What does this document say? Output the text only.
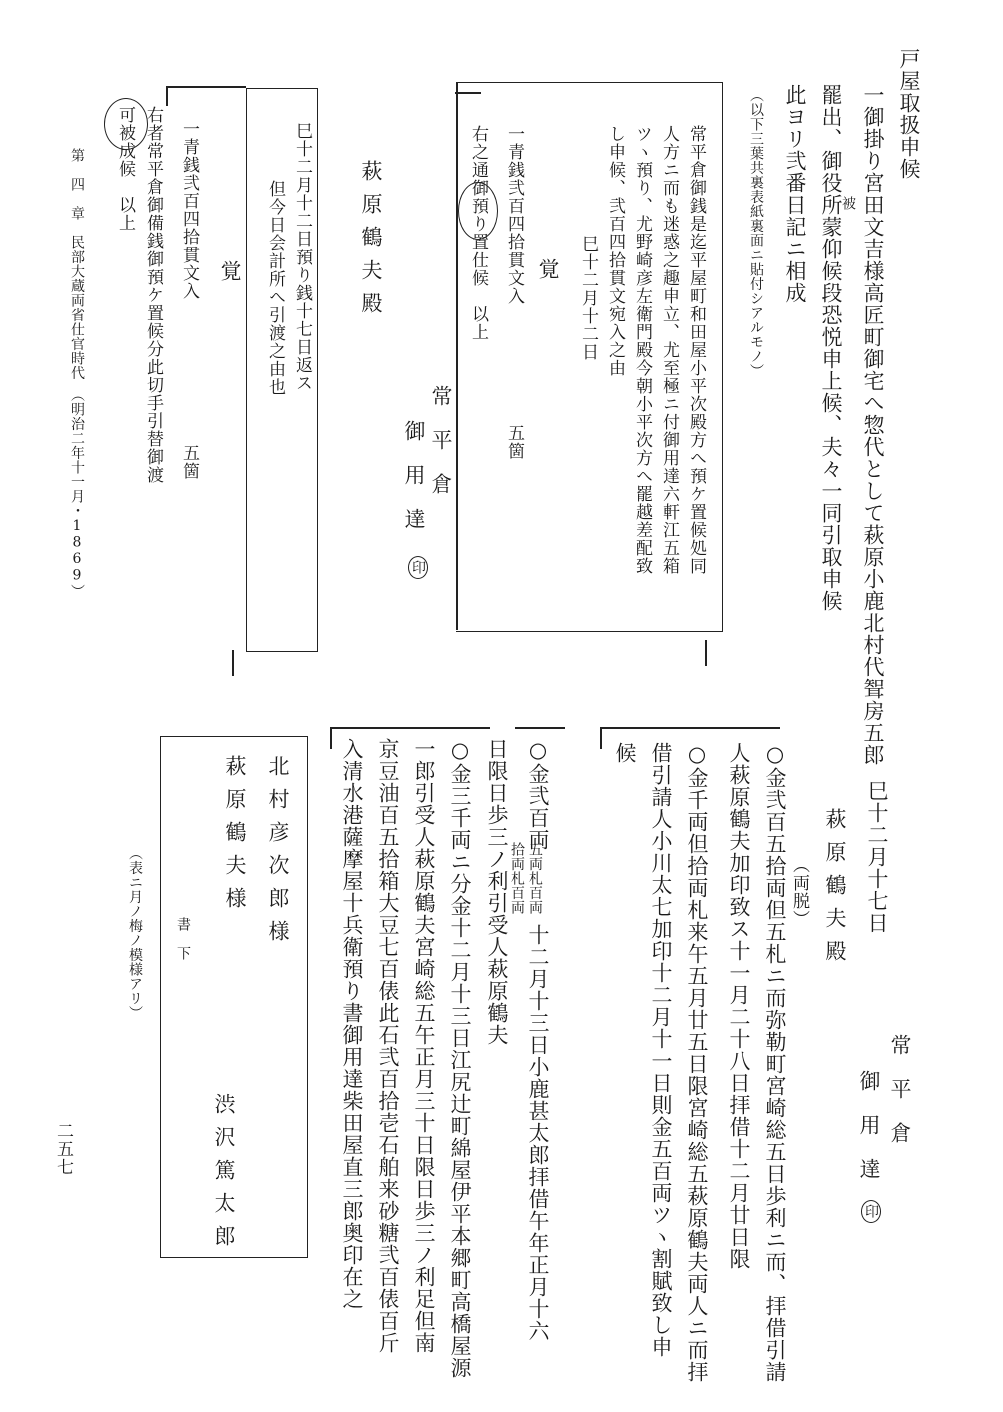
戸屋取扱申候
一御掛り宮田文吉様高匠町御宅へ惣代として萩原小鹿北村代聟房五郎
被
罷出、御役所蒙仰候段恐悦申上候、夫々一同引取申候
此ヨリ弐番日記ニ相成
（以下三葉共裏表紙裏面ニ貼付シアルモノ）
常平倉御銭是迄平屋町和田屋小平次殿方へ預ケ置候処同
人方ニ而も迷惑之趣申立、尤至極ニ付御用達六軒江五箱
ツヽ預り、尤野崎彦左衛門殿今朝小平次方へ罷越差配致
し申候、弐百四拾貫文宛入之由
巳十二月十二日
覚
一青銭弐百四拾貫文入
五箇
右之通御預り置仕候　以上
常　平　倉
御　用　達
印
萩原鶴夫殿
巳十二月十二日預り銭十七日返ス
但今日会計所へ引渡之由也
覚
一青銭弐百四拾貫文入
五箇
右者常平倉御備銭御預ケ置候分此切手引替御渡
可被成候　以上
第　四　章　民部大蔵両省仕官時代　（明治二年十一月・1869）
二五七
巳十二月十七日
萩原鶴夫殿
常　平　倉
御　用　達
印
（両脱）
○金弐百五拾両但五札ニ而弥勒町宮崎総五日歩利ニ而、拝借引請
人萩原鶴夫加印致ス十一月二十八日拝借十二月廿日限
○金千両但拾両札来午五月廿五日限宮崎総五萩原鶴夫両人ニ而拝
借引請人小川太七加印十二月十一日則金五百両ツヽ割賦致し申
候
○金弐百両
五両札百両
拾両札百両
十二月十三日小鹿甚太郎拝借午年正月十六
日限日歩三ノ利引受人萩原鶴夫
○金三千両ニ分金十二月十三日江尻辻町綿屋伊平本郷町高橋屋源
一郎引受人萩原鶴夫宮崎総五午正月三十日限日歩三ノ利足但南
京豆油百五拾箱大豆七百俵此石弐百拾壱石舶来砂糖弐百俵百斤
入清水港薩摩屋十兵衛預り書御用達柴田屋直三郎奥印在之
北村彦次郎様
萩原鶴夫様
書　下
渋沢篤太郎
（表ニ月ノ梅ノ模様アリ）
